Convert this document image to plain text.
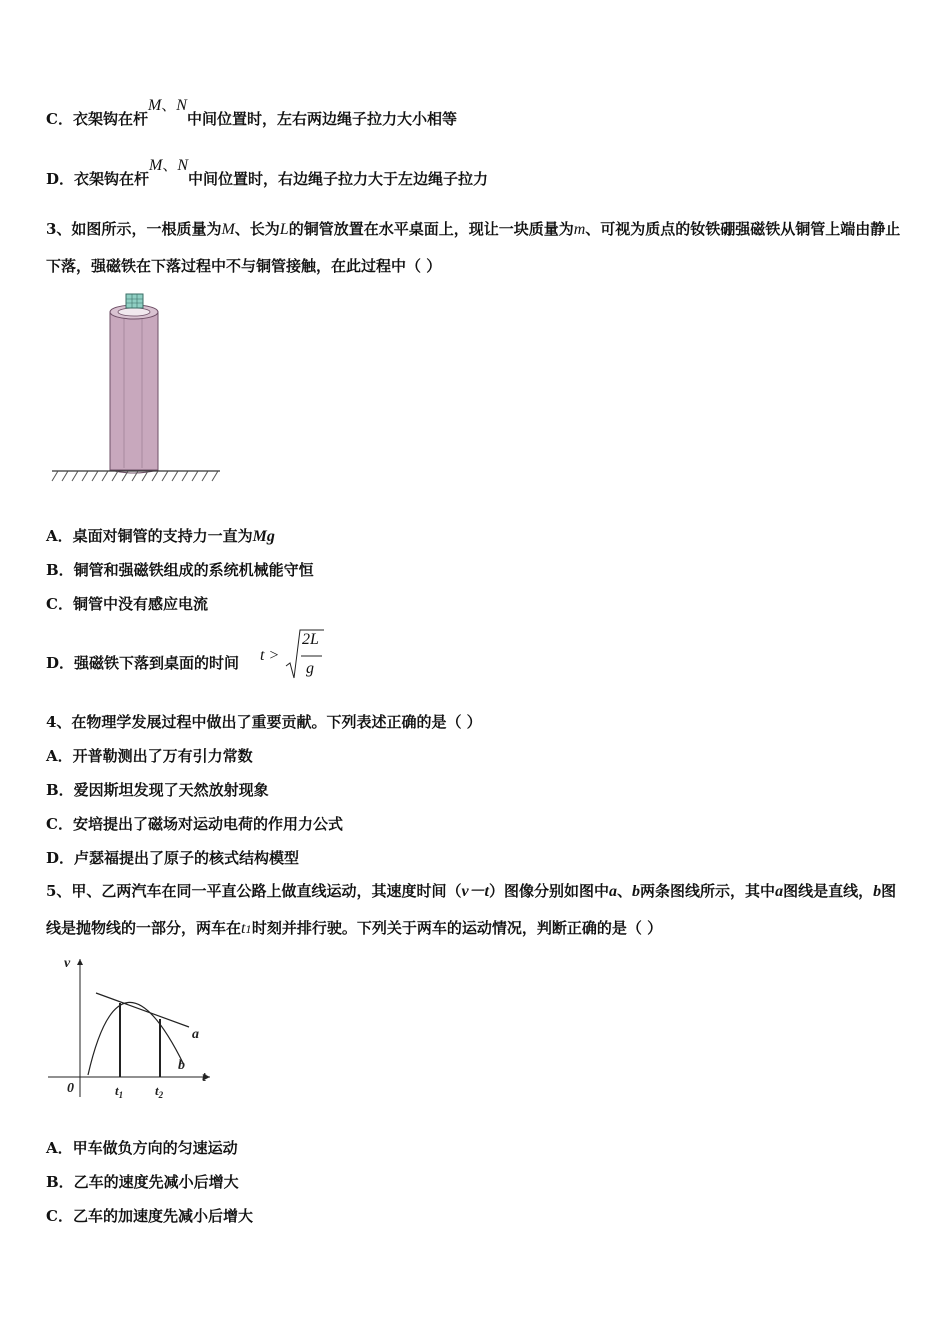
C．衣架钩在杆M、N中间位置时，左右两边绳子拉力大小相等
D．衣架钩在杆M、N中间位置时，右边绳子拉力大于左边绳子拉力
3、如图所示，一根质量为M、长为L的铜管放置在水平桌面上，现让一块质量为m、可视为质点的钕铁硼强磁铁从铜管上端由静止下落，强磁铁在下落过程中不与铜管接触，在此过程中（ ）
A．桌面对铜管的支持力一直为Mg
B．铜管和强磁铁组成的系统机械能守恒
C．铜管中没有感应电流
D．强磁铁下落到桌面的时间 t >
2L
g
4、在物理学发展过程中做出了重要贡献。下列表述正确的是（ ）
A．开普勒测出了万有引力常数
B．爱因斯坦发现了天然放射现象
C．安培提出了磁场对运动电荷的作用力公式
D．卢瑟福提出了原子的核式结构模型
5、甲、乙两汽车在同一平直公路上做直线运动，其速度时间（v－t）图像分别如图中a、b两条图线所示，其中a图线是直线，b图线是抛物线的一部分，两车在t1时刻并排行驶。下列关于两车的运动情况，判断正确的是（ ）
v
t
0
a
b
$t_1$ $t_2$
A．甲车做负方向的匀速运动
B．乙车的速度先减小后增大
C．乙车的加速度先减小后增大
